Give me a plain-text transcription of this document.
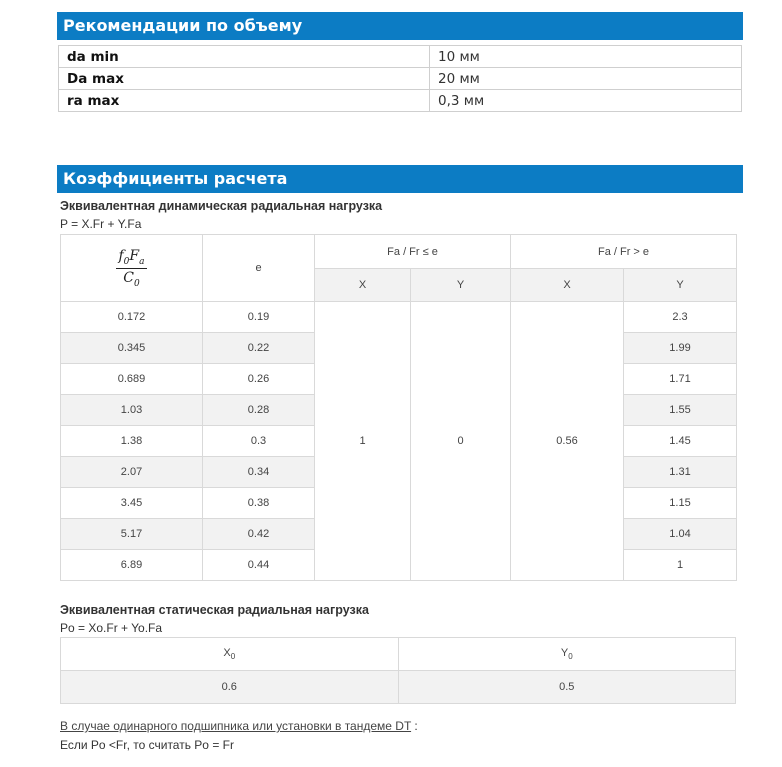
Рекомендации по объему
da min	10 мм
Da max	20 мм
ra max	0,3 мм
Коэффициенты расчета
Эквивалентная динамическая радиальная нагрузка
P = X.Fr + Y.Fa
$\frac{f_0F_a}{C_0}$	e	Fa / Fr ≤ e		Fa / Fr > e	
		X	Y	X	Y
0.172	0.19	1	0	0.56	2.3
0.345	0.22				1.99
0.689	0.26				1.71
1.03	0.28				1.55
1.38	0.3				1.45
2.07	0.34				1.31
3.45	0.38				1.15
5.17	0.42				1.04
6.89	0.44				1
Эквивалентная статическая радиальная нагрузка
Po = Xo.Fr + Yo.Fa
$X_0$	$Y_0$
0.6	0.5
В случае одинарного подшипника или установки в тандеме DT :
Если Po <Fr, то считать Po = Fr
